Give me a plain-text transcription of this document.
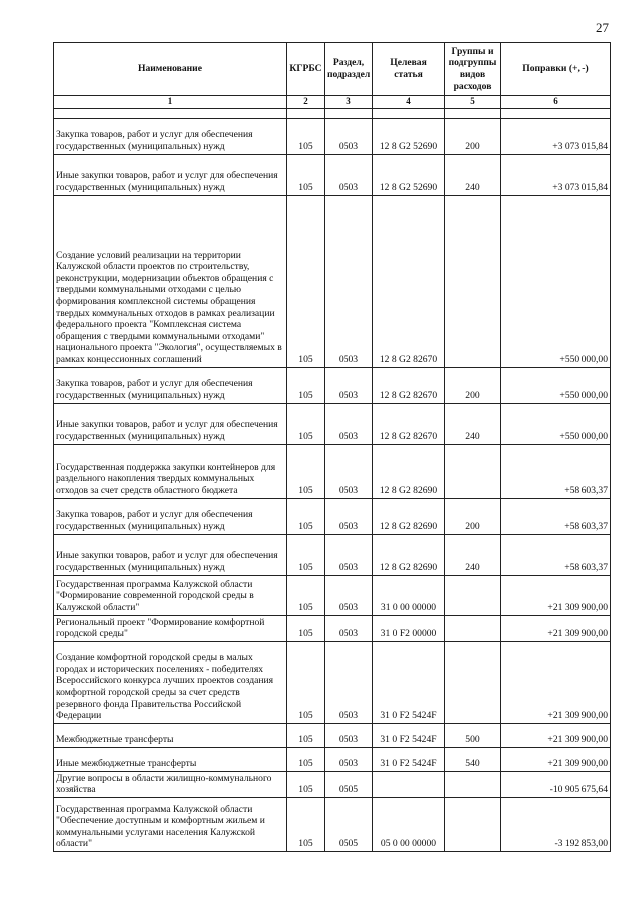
27
Наименование	КГРБС	Раздел, подраздел	Целевая статья	Группы и подгруппы видов расходов	Поправки (+, -)
1	2	3	4	5	6

Закупка товаров, работ и услуг для обеспечения государственных (муниципальных) нужд	105	0503	12 8 G2 52690	200	+3 073 015,84
Иные закупки товаров, работ и услуг для обеспечения государственных (муниципальных) нужд	105	0503	12 8 G2 52690	240	+3 073 015,84
Создание условий реализации на территории Калужской области проектов по строительству, реконструкции, модернизации объектов обращения с твердыми коммунальными отходами с целью формирования комплексной системы обращения твердых коммунальных отходов в рамках реализации федерального проекта "Комплексная система обращения с твердыми коммунальными отходами" национального проекта "Экология", осуществляемых в рамках концессионных соглашений	105	0503	12 8 G2 82670		+550 000,00
Закупка товаров, работ и услуг для обеспечения государственных (муниципальных) нужд	105	0503	12 8 G2 82670	200	+550 000,00
Иные закупки товаров, работ и услуг для обеспечения государственных (муниципальных) нужд	105	0503	12 8 G2 82670	240	+550 000,00
Государственная поддержка закупки контейнеров для раздельного накопления твердых коммунальных отходов за счет средств областного бюджета	105	0503	12 8 G2 82690		+58 603,37
Закупка товаров, работ и услуг для обеспечения государственных (муниципальных) нужд	105	0503	12 8 G2 82690	200	+58 603,37
Иные закупки товаров, работ и услуг для обеспечения государственных (муниципальных) нужд	105	0503	12 8 G2 82690	240	+58 603,37
Государственная программа Калужской области "Формирование современной городской среды в Калужской области"	105	0503	31 0 00 00000		+21 309 900,00
Региональный проект "Формирование комфортной городской среды"	105	0503	31 0 F2 00000		+21 309 900,00
Создание комфортной городской среды в малых городах и исторических поселениях - победителях Всероссийского конкурса лучших проектов создания комфортной городской среды за счет средств резервного фонда Правительства Российской Федерации	105	0503	31 0 F2 5424F		+21 309 900,00
Межбюджетные трансферты	105	0503	31 0 F2 5424F	500	+21 309 900,00
Иные межбюджетные трансферты	105	0503	31 0 F2 5424F	540	+21 309 900,00
Другие вопросы в области жилищно-коммунального хозяйства	105	0505			-10 905 675,64
Государственная программа Калужской области "Обеспечение доступным и комфортным жильем и коммунальными услугами населения Калужской области"	105	0505	05 0 00 00000		-3 192 853,00
